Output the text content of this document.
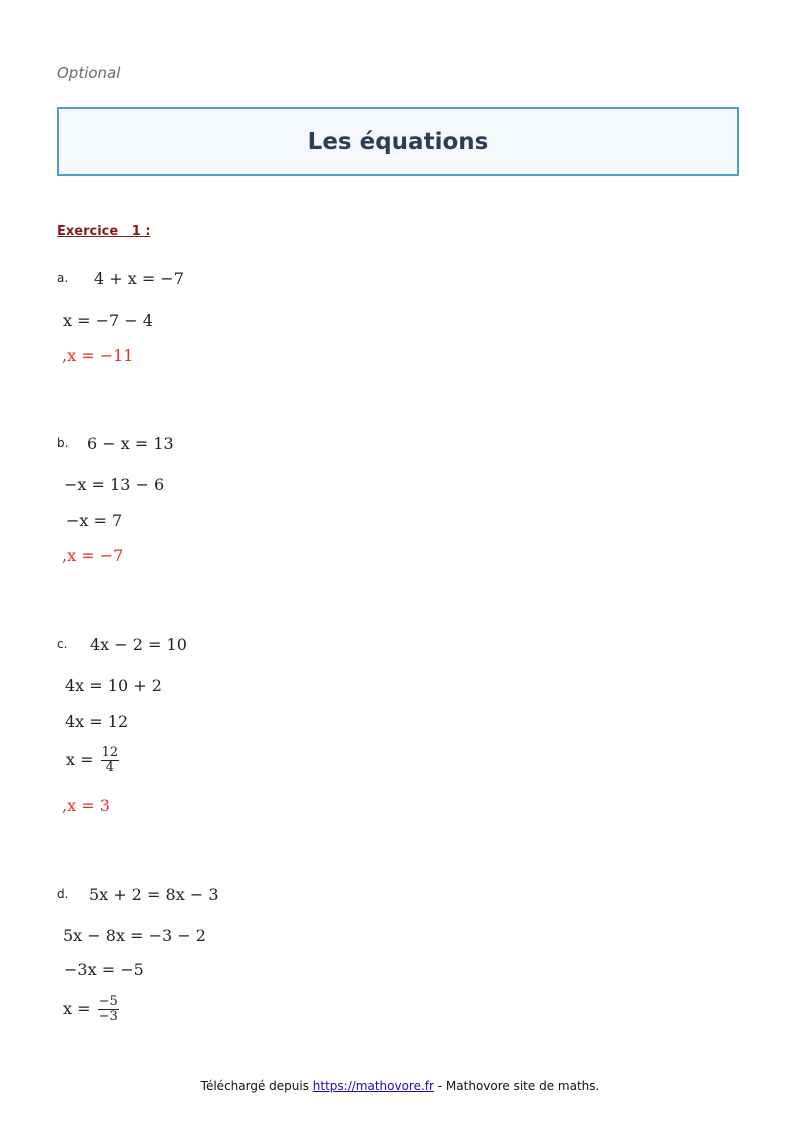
Optional
Les équations
Exercice   1 :
a. 4 + x = −7
x = −7 − 4
,x = −11
b. 6 − x = 13
−x = 13 − 6
−x = 7
,x = −7
c. 4x − 2 = 10
4x = 10 + 2
4x = 12
$x = \frac{12}{4}$
,x = 3
d. 5x + 2 = 8x − 3
5x − 8x = −3 − 2
−3x = −5
$x = \frac{-5}{-3}$
Téléchargé depuis https://mathovore.fr - Mathovore site de maths.
